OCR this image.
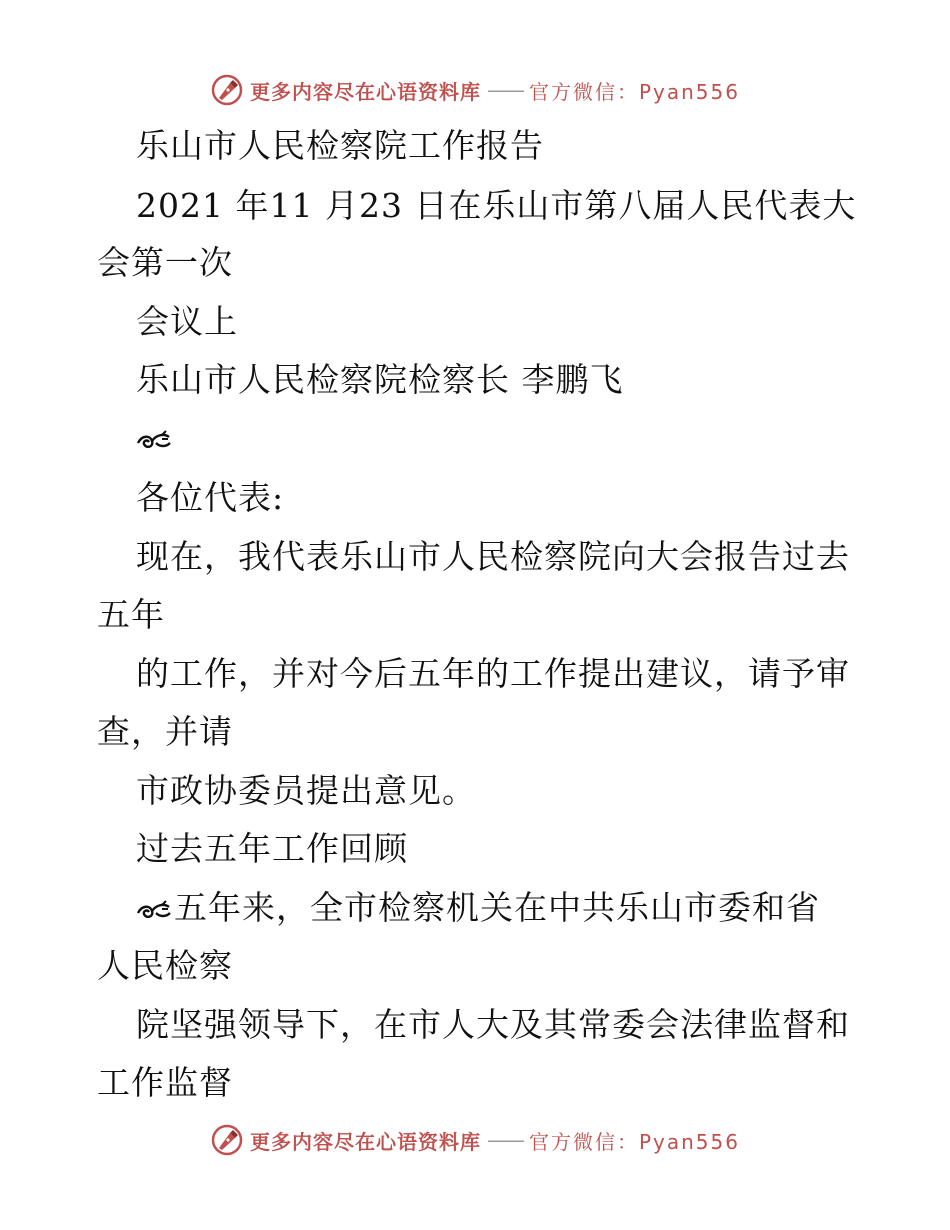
更多内容尽在心语资料库 —— 官方微信：Pyan556
乐山市人民检察院工作报告
2021 年11 月23 日在乐山市第八届人民代表大
会第一次
会议上
乐山市人民检察院检察长 李鹏飞
各位代表:
现在，我代表乐山市人民检察院向大会报告过去
五年
的工作，并对今后五年的工作提出建议，请予审
查，并请
市政协委员提出意见。
过去五年工作回顾
五年来，全市检察机关在中共乐山市委和省
人民检察
院坚强领导下，在市人大及其常委会法律监督和
工作监督
更多内容尽在心语资料库 —— 官方微信：Pyan556
